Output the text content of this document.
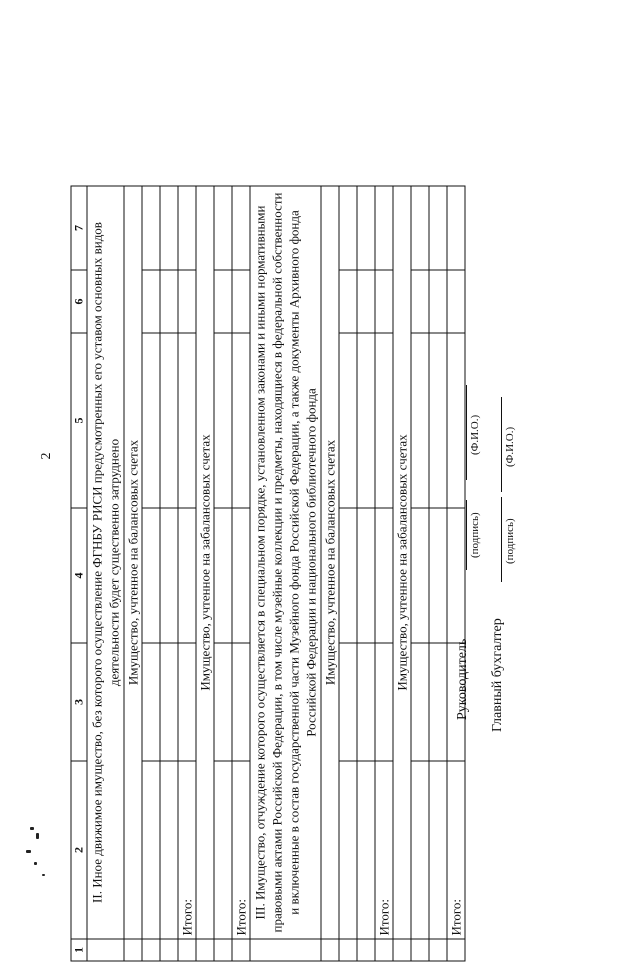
2
1	2	3	4	5	6	7
	II. Иное движимое имущество, без которого осуществление ФГНБУ РИСИ предусмотренных его уставом основных видов деятельности будет существенно затруднено					
	Имущество, учтенное на балансовых счетах					

	Итого:					
	Имущество, учтенное на забалансовых счетах					

	Итого:					
	III. Имущество, отчуждение которого осуществляется в специальном порядке, установленном законами и иными нормативными правовыми актами Российской Федерации, в том числе музейные коллекции и предметы, находящиеся в федеральной собственности и включенные в состав государственной части Музейного фонда Российской Федерации, а также документы Архивного фонда Российской Федерации и национального библиотечного фонда					
	Имущество, учтенное на балансовых счетах					

	Итого:					
	Имущество, учтенное на забалансовых счетах					

	Итого:					
Руководитель
(подпись)
(Ф.И.О.)
Главный бухгалтер
(подпись)
(Ф.И.О.)
